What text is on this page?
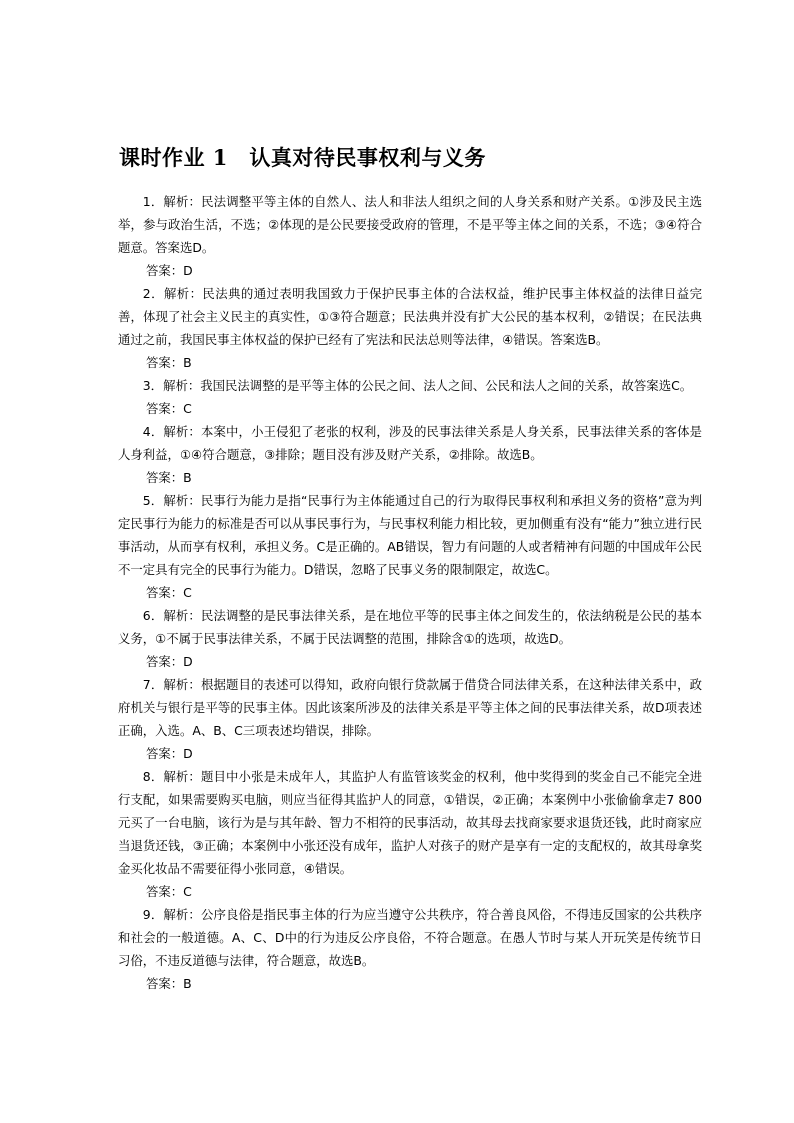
课时作业 1　认真对待民事权利与义务

1．解析：民法调整平等主体的自然人、法人和非法人组织之间的人身关系和财产关系。①涉及民主选举，参与政治生活，不选；②体现的是公民要接受政府的管理，不是平等主体之间的关系，不选；③④符合题意。答案选D。

答案：D

2．解析：民法典的通过表明我国致力于保护民事主体的合法权益，维护民事主体权益的法律日益完善，体现了社会主义民主的真实性，①③符合题意；民法典并没有扩大公民的基本权利，②错误；在民法典通过之前，我国民事主体权益的保护已经有了宪法和民法总则等法律，④错误。答案选B。

答案：B

3．解析：我国民法调整的是平等主体的公民之间、法人之间、公民和法人之间的关系，故答案选C。

答案：C

4．解析：本案中，小王侵犯了老张的权利，涉及的民事法律关系是人身关系，民事法律关系的客体是人身利益，①④符合题意，③排除；题目没有涉及财产关系，②排除。故选B。

答案：B

5．解析：民事行为能力是指“民事行为主体能通过自己的行为取得民事权利和承担义务的资格”意为判定民事行为能力的标准是否可以从事民事行为，与民事权利能力相比较，更加侧重有没有“能力”独立进行民事活动，从而享有权利，承担义务。C是正确的。AB错误，智力有问题的人或者精神有问题的中国成年公民不一定具有完全的民事行为能力。D错误，忽略了民事义务的限制限定，故选C。

答案：C

6．解析：民法调整的是民事法律关系，是在地位平等的民事主体之间发生的，依法纳税是公民的基本义务，①不属于民事法律关系，不属于民法调整的范围，排除含①的选项，故选D。

答案：D

7．解析：根据题目的表述可以得知，政府向银行贷款属于借贷合同法律关系，在这种法律关系中，政府机关与银行是平等的民事主体。因此该案所涉及的法律关系是平等主体之间的民事法律关系，故D项表述正确，入选。A、B、C三项表述均错误，排除。

答案：D

8．解析：题目中小张是未成年人，其监护人有监管该奖金的权利，他中奖得到的奖金自己不能完全进行支配，如果需要购买电脑，则应当征得其监护人的同意，①错误，②正确；本案例中小张偷偷拿走7 800元买了一台电脑，该行为是与其年龄、智力不相符的民事活动，故其母去找商家要求退货还钱，此时商家应当退货还钱，③正确；本案例中小张还没有成年，监护人对孩子的财产是享有一定的支配权的，故其母拿奖金买化妆品不需要征得小张同意，④错误。

答案：C

9．解析：公序良俗是指民事主体的行为应当遵守公共秩序，符合善良风俗，不得违反国家的公共秩序和社会的一般道德。A、C、D中的行为违反公序良俗，不符合题意。在愚人节时与某人开玩笑是传统节日习俗，不违反道德与法律，符合题意，故选B。

答案：B
